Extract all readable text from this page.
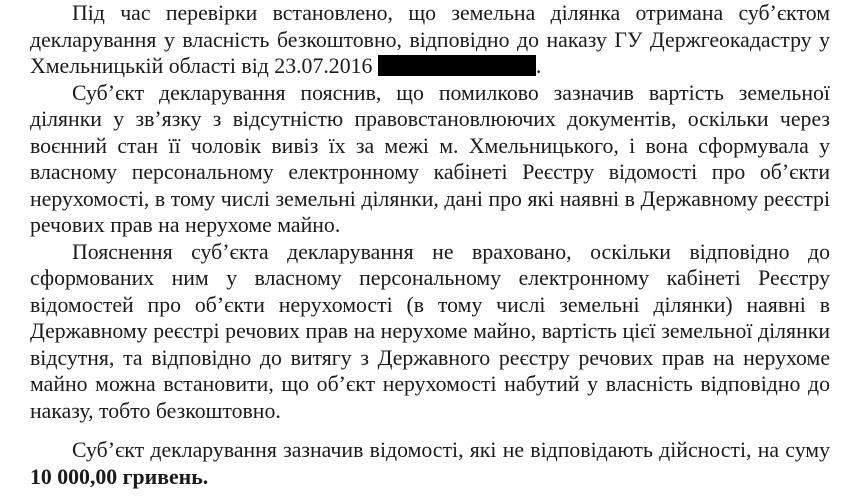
Під час перевірки встановлено, що земельна ділянка отримана суб’єктом декларування у власність безкоштовно, відповідно до наказу ГУ Держгеокадастру у Хмельницькій області від 23.07.2016	.

Суб’єкт декларування пояснив, що помилково зазначив вартість земельної ділянки у зв’язку з відсутністю правовстановлюючих документів, оскільки через воєнний стан її чоловік вивіз їх за межі м. Хмельницького, і вона сформувала у власному персональному електронному кабінеті Реєстру відомості про об’єкти нерухомості, в тому числі земельні ділянки, дані про які наявні в Державному реєстрі речових прав на нерухоме майно.

Пояснення суб’єкта декларування не враховано, оскільки відповідно до сформованих ним у власному персональному електронному кабінеті Реєстру відомостей про об’єкти нерухомості (в тому числі земельні ділянки) наявні в Державному реєстрі речових прав на нерухоме майно, вартість цієї земельної ділянки відсутня, та відповідно до витягу з Державного реєстру речових прав на нерухоме майно можна встановити, що об’єкт нерухомості набутий у власність відповідно до наказу, тобто безкоштовно.

Суб’єкт декларування зазначив відомості, які не відповідають дійсності, на суму 10 000,00 гривень.
